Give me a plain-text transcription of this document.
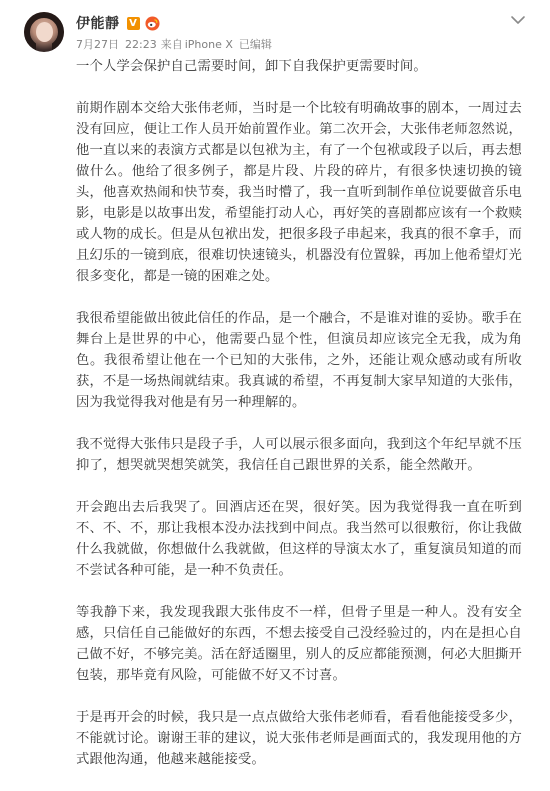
伊能靜 V
7月27日 22:23 来自 iPhone X 已编辑

一个人学会保护自己需要时间，卸下自我保护更需要时间。

前期作剧本交给大张伟老师，当时是一个比较有明确故事的剧本，一周过去没有回应，便让工作人员开始前置作业。第二次开会，大张伟老师忽然说，他一直以来的表演方式都是以包袱为主，有了一个包袱或段子以后，再去想做什么。他给了很多例子，都是片段、片段的碎片，有很多快速切换的镜头，他喜欢热闹和快节奏，我当时懵了，我一直听到制作单位说要做音乐电影，电影是以故事出发，希望能打动人心，再好笑的喜剧都应该有一个救赎或人物的成长。但是从包袱出发，把很多段子串起来，我真的很不拿手，而且幻乐的一镜到底，很难切快速镜头，机器没有位置躲，再加上他希望灯光很多变化，都是一镜的困难之处。

我很希望能做出彼此信任的作品，是一个融合，不是谁对谁的妥协。歌手在舞台上是世界的中心，他需要凸显个性，但演员却应该完全无我，成为角色。我很希望让他在一个已知的大张伟，之外，还能让观众感动或有所收获，不是一场热闹就结束。我真诚的希望，不再复制大家早知道的大张伟，因为我觉得我对他是有另一种理解的。

我不觉得大张伟只是段子手，人可以展示很多面向，我到这个年纪早就不压抑了，想哭就哭想笑就笑，我信任自己跟世界的关系，能全然敞开。

开会跑出去后我哭了。回酒店还在哭，很好笑。因为我觉得我一直在听到不、不、不，那让我根本没办法找到中间点。我当然可以很敷衍，你让我做什么我就做，你想做什么我就做，但这样的导演太水了，重复演员知道的而不尝试各种可能，是一种不负责任。

等我静下来，我发现我跟大张伟皮不一样，但骨子里是一种人。没有安全感，只信任自己能做好的东西，不想去接受自己没经验过的，内在是担心自己做不好，不够完美。活在舒适圈里，别人的反应都能预测，何必大胆撕开包装，那毕竟有风险，可能做不好又不讨喜。

于是再开会的时候，我只是一点点做给大张伟老师看，看看他能接受多少，不能就讨论。谢谢王菲的建议，说大张伟老师是画面式的，我发现用他的方式跟他沟通，他越来越能接受。
